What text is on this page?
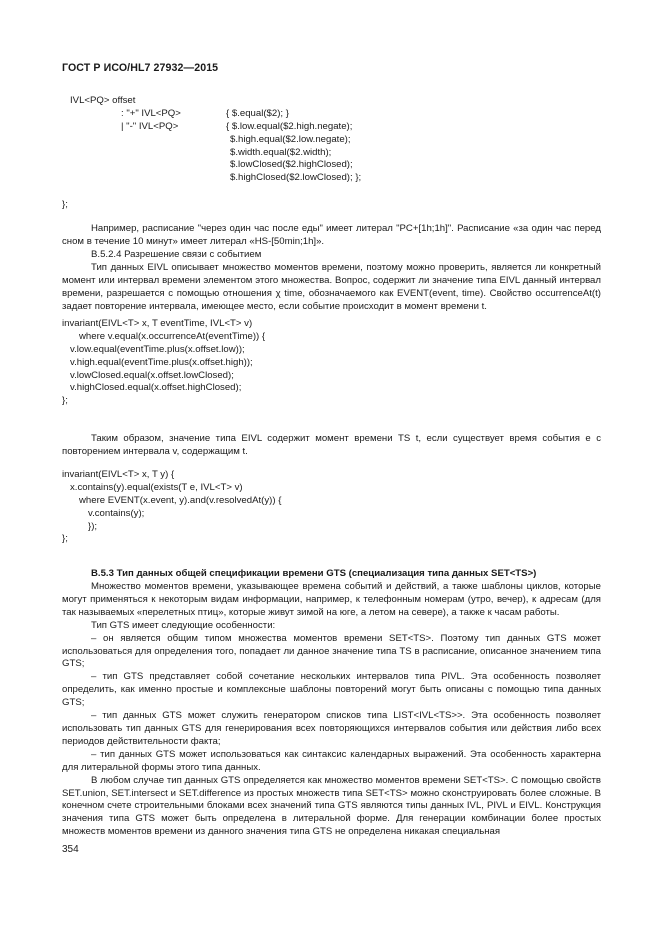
ГОСТ Р ИСО/HL7 27932—2015
IVL<PQ> offset
: "+" IVL<PQ>	{ $.equal($2); }
| "-" IVL<PQ>	{ $.low.equal($2.high.negate);
$.high.equal($2.low.negate);
$.width.equal($2.width);
$.lowClosed($2.highClosed);
$.highClosed($2.lowClosed); };
};

Например, расписание "через один час после еды" имеет литерал "PC+[1h;1h]". Расписание «за один час перед сном в течение 10 минут» имеет литерал «HS-[50min;1h]».

В.5.2.4 Разрешение связи с событием

Тип данных EIVL описывает множество моментов времени, поэтому можно проверить, является ли конкретный момент или интервал времени элементом этого множества. Вопрос, содержит ли значение типа EIVL данный интервал времени, разрешается с помощью отношения χ time, обозначаемого как EVENT(event, time). Свойство occurrenceAt(t) задает повторение интервала, имеющее место, если событие происходит в момент времени t.

invariant(EIVL<T> x, T eventTime, IVL<T> v)
where v.equal(x.occurrenceAt(eventTime)) {
v.low.equal(eventTime.plus(x.offset.low));
v.high.equal(eventTime.plus(x.offset.high));
v.lowClosed.equal(x.offset.lowClosed);
v.highClosed.equal(x.offset.highClosed);
};

Таким образом, значение типа EIVL содержит момент времени TS t, если существует время события e с повторением интервала v, содержащим t.

invariant(EIVL<T> x, T y) {
x.contains(y).equal(exists(T e, IVL<T> v)
where EVENT(x.event, y).and(v.resolvedAt(y)) {
v.contains(y);
});
};
В.5.3 Тип данных общей спецификации времени GTS (специализация типа данных SET<TS>)

Множество моментов времени, указывающее времена событий и действий, а также шаблоны циклов, которые могут применяться к некоторым видам информации, например, к телефонным номерам (утро, вечер), к адресам (для так называемых «перелетных птиц», которые живут зимой на юге, а летом на севере), а также к часам работы.

Тип GTS имеет следующие особенности:

– он является общим типом множества моментов времени SET<TS>. Поэтому тип данных GTS может использоваться для определения того, попадает ли данное значение типа TS в расписание, описанное значением типа GTS;

– тип GTS представляет собой сочетание нескольких интервалов типа PIVL. Эта особенность позволяет определить, как именно простые и комплексные шаблоны повторений могут быть описаны с помощью типа данных GTS;

– тип данных GTS может служить генератором списков типа LIST<IVL<TS>>. Эта особенность позволяет использовать тип данных GTS для генерирования всех повторяющихся интервалов события или действия либо всех периодов действительности факта;

– тип данных GTS может использоваться как синтаксис календарных выражений. Эта особенность характерна для литеральной формы этого типа данных.

В любом случае тип данных GTS определяется как множество моментов времени SET<TS>. С помощью свойств SET.union, SET.intersect и SET.difference из простых множеств типа SET<TS> можно сконструировать более сложные. В конечном счете строительными блоками всех значений типа GTS являются типы данных IVL, PIVL и EIVL. Конструкция значения типа GTS может быть определена в литеральной форме. Для генерации комбинации более простых множеств моментов времени из данного значения типа GTS не определена никакая специальная

354
